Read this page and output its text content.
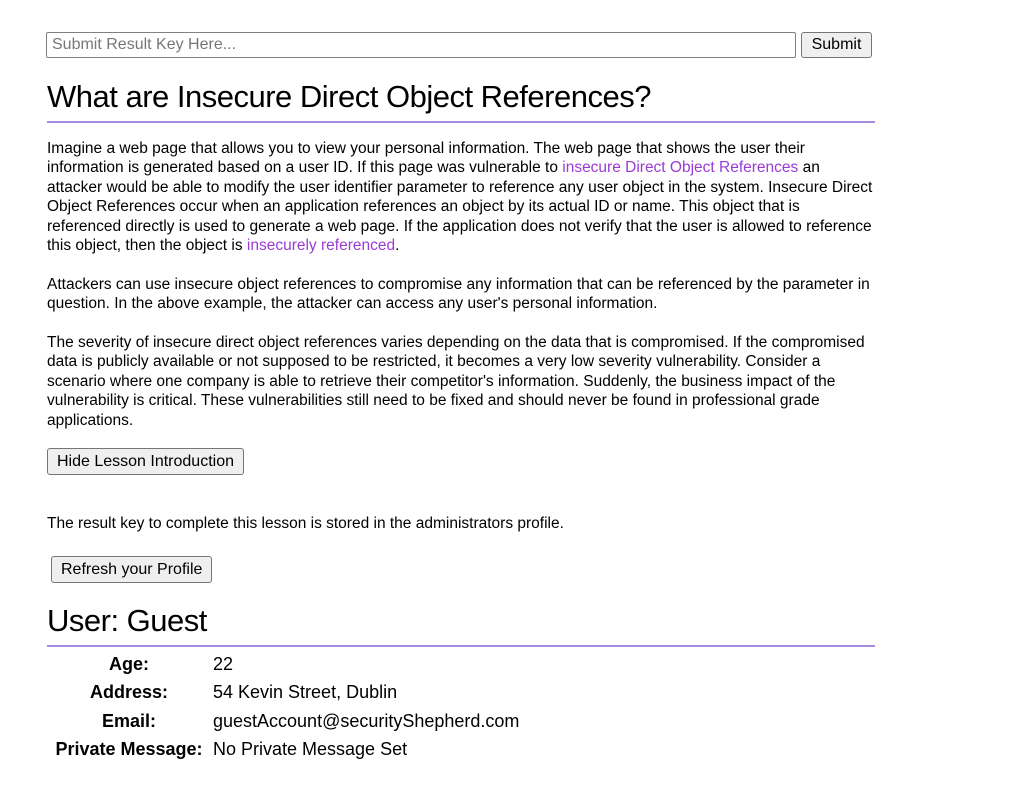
Submit Result Key Here...
Submit
What are Insecure Direct Object References?

Imagine a web page that allows you to view your personal information. The web page that shows the user their information is generated based on a user ID. If this page was vulnerable to insecure Direct Object References an attacker would be able to modify the user identifier parameter to reference any user object in the system. Insecure Direct Object References occur when an application references an object by its actual ID or name. This object that is referenced directly is used to generate a web page. If the application does not verify that the user is allowed to reference this object, then the object is insecurely referenced.

Attackers can use insecure object references to compromise any information that can be referenced by the parameter in question. In the above example, the attacker can access any user's personal information.

The severity of insecure direct object references varies depending on the data that is compromised. If the compromised data is publicly available or not supposed to be restricted, it becomes a very low severity vulnerability. Consider a scenario where one company is able to retrieve their competitor's information. Suddenly, the business impact of the vulnerability is critical. These vulnerabilities still need to be fixed and should never be found in professional grade applications.

Hide Lesson Introduction

The result key to complete this lesson is stored in the administrators profile.

Refresh your Profile
User: Guest
Age:	22
Address:	54 Kevin Street, Dublin
Email:	guestAccount@securityShepherd.com
Private Message:	No Private Message Set
